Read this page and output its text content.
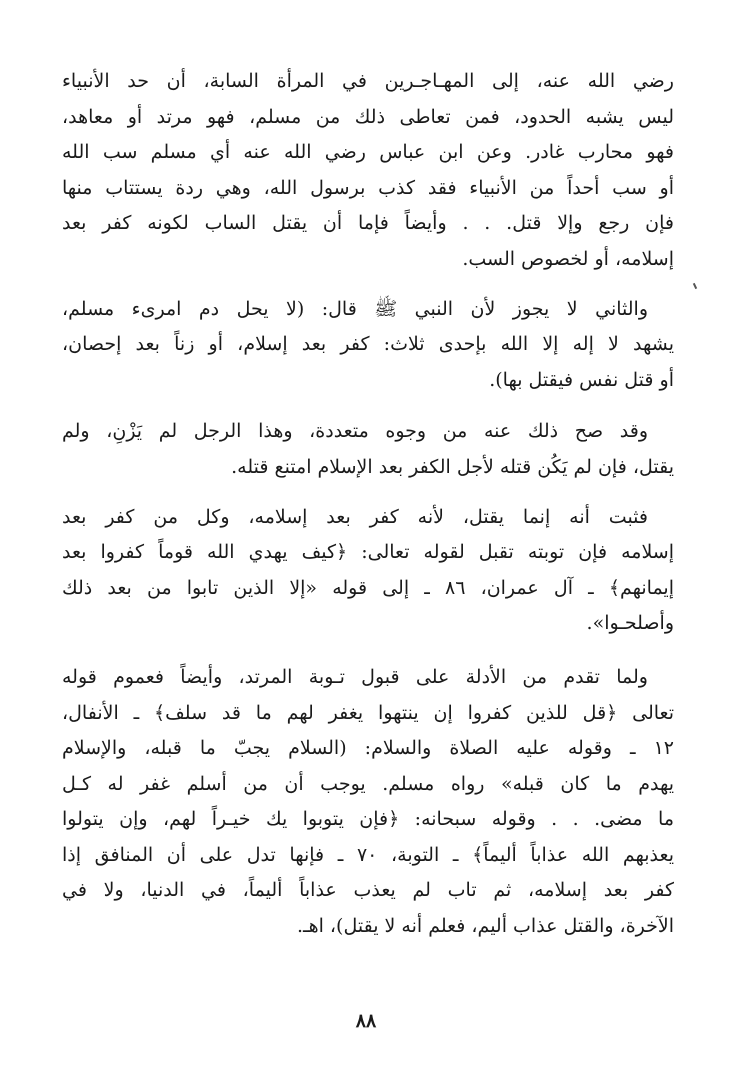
رضي الله عنه، إلى المهـاجـرين في المرأة السابة، أن حد الأنبياء
ليس يشبه الحدود، فمن تعاطى ذلك من مسلم، فهو مرتد أو معاهد،
فهو محارب غادر. وعن ابن عباس رضي الله عنه أي مسلم سب الله
أو سب أحداً من الأنبياء فقد كذب برسول الله، وهي ردة يستتاب منها
فإن رجع وإلا قتل. . . وأيضاً فإما أن يقتل الساب لكونه كفر بعد
إسلامه، أو لخصوص السب.
والثاني لا يجوز لأن النبي ﷺ قال: (لا يحل دم امرىء مسلم،
يشهد لا إله إلا الله بإحدى ثلاث: كفر بعد إسلام، أو زناً بعد إحصان،
أو قتل نفس فيقتل بها).
وقد صح ذلك عنه من وجوه متعددة، وهذا الرجل لم يَزْنِ، ولم
يقتل، فإن لم يَكُن قتله لأجل الكفر بعد الإسلام امتنع قتله.
فثبت أنه إنما يقتل، لأنه كفر بعد إسلامه، وكل من كفر بعد
إسلامه فإن توبته تقبل لقوله تعالى: ﴿كيف يهدي الله قوماً كفروا بعد
إيمانهم﴾ ـ آل عمران، ٨٦ ـ إلى قوله «إلا الذين تابوا من بعد ذلك
وأصلحـوا».
ولما تقدم من الأدلة على قبول تـوبة المرتد، وأيضاً فعموم قوله
تعالى ﴿قل للذين كفروا إن ينتهوا يغفر لهم ما قد سلف﴾ ـ الأنفال،
١٢ ـ وقوله عليه الصلاة والسلام: (السلام يجبّ ما قبله، والإسلام
يهدم ما كان قبله» رواه مسلم. يوجب أن من أسلم غفر له كـل
ما مضى. . . وقوله سبحانه: ﴿فإن يتوبوا يك خيـراً لهم، وإن يتولوا
يعذبهم الله عذاباً أليماً﴾ ـ التوبة، ٧٠ ـ فإنها تدل على أن المنافق إذا
كفر بعد إسلامه، ثم تاب لم يعذب عذاباً أليماً، في الدنيا، ولا في
الآخرة، والقتل عذاب أليم، فعلم أنه لا يقتل)، اهـ.
٨٨
